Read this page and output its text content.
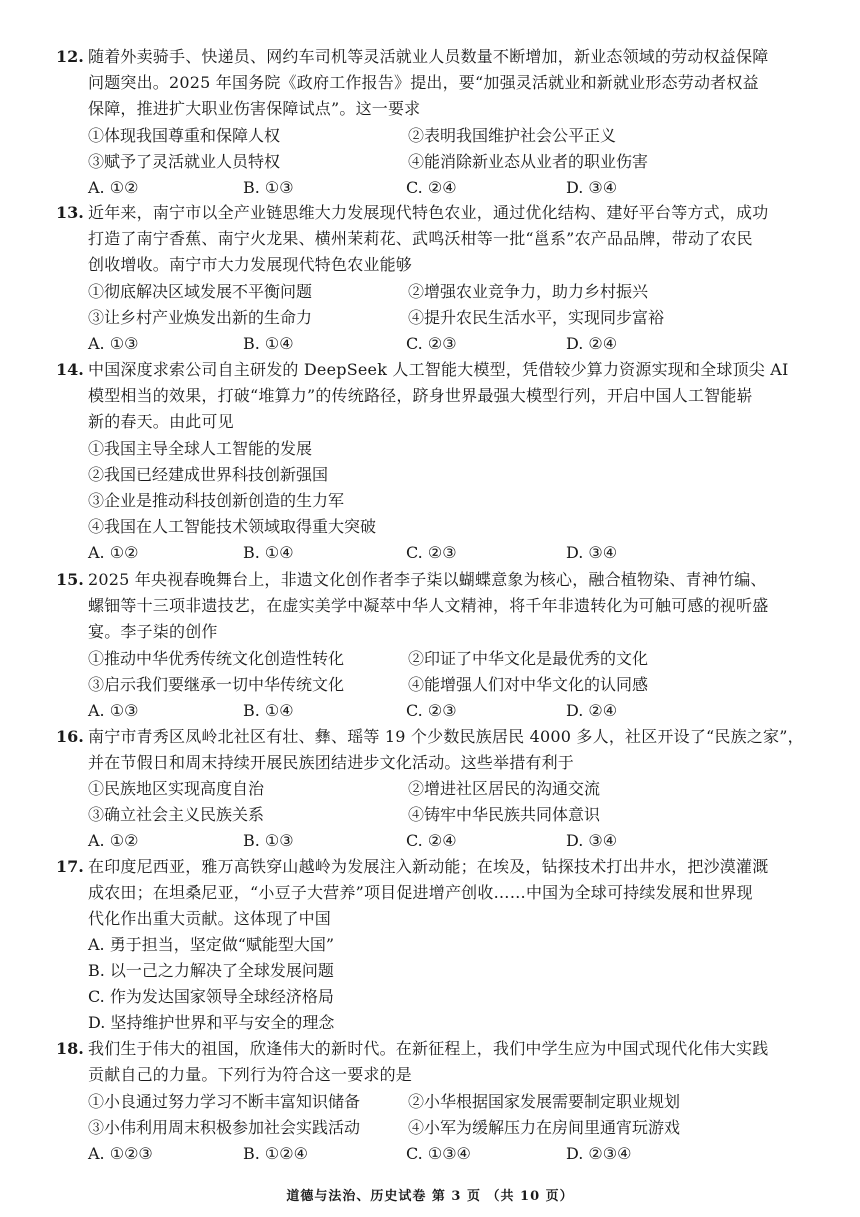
12. 随着外卖骑手、快递员、网约车司机等灵活就业人员数量不断增加，新业态领域的劳动权益保障
问题突出。2025 年国务院《政府工作报告》提出，要“加强灵活就业和新就业形态劳动者权益
保障，推进扩大职业伤害保障试点”。这一要求
①体现我国尊重和保障人权	②表明我国维护社会公平正义
③赋予了灵活就业人员特权	④能消除新业态从业者的职业伤害
A. ①②	B. ①③	C. ②④	D. ③④
13. 近年来，南宁市以全产业链思维大力发展现代特色农业，通过优化结构、建好平台等方式，成功
打造了南宁香蕉、南宁火龙果、横州茉莉花、武鸣沃柑等一批“邕系”农产品品牌，带动了农民
创收增收。南宁市大力发展现代特色农业能够
①彻底解决区域发展不平衡问题	②增强农业竞争力，助力乡村振兴
③让乡村产业焕发出新的生命力	④提升农民生活水平，实现同步富裕
A. ①③	B. ①④	C. ②③	D. ②④
14. 中国深度求索公司自主研发的 DeepSeek 人工智能大模型，凭借较少算力资源实现和全球顶尖 AI
模型相当的效果，打破“堆算力”的传统路径，跻身世界最强大模型行列，开启中国人工智能崭
新的春天。由此可见
①我国主导全球人工智能的发展
②我国已经建成世界科技创新强国
③企业是推动科技创新创造的生力军
④我国在人工智能技术领域取得重大突破
A. ①②	B. ①④	C. ②③	D. ③④
15. 2025 年央视春晚舞台上，非遗文化创作者李子柒以蝴蝶意象为核心，融合植物染、青神竹编、
螺钿等十三项非遗技艺，在虚实美学中凝萃中华人文精神，将千年非遗转化为可触可感的视听盛
宴。李子柒的创作
①推动中华优秀传统文化创造性转化	②印证了中华文化是最优秀的文化
③启示我们要继承一切中华传统文化	④能增强人们对中华文化的认同感
A. ①③	B. ①④	C. ②③	D. ②④
16. 南宁市青秀区凤岭北社区有壮、彝、瑶等 19 个少数民族居民 4000 多人，社区开设了“民族之家”，
并在节假日和周末持续开展民族团结进步文化活动。这些举措有利于
①民族地区实现高度自治	②增进社区居民的沟通交流
③确立社会主义民族关系	④铸牢中华民族共同体意识
A. ①②	B. ①③	C. ②④	D. ③④
17. 在印度尼西亚，雅万高铁穿山越岭为发展注入新动能；在埃及，钻探技术打出井水，把沙漠灌溉
成农田；在坦桑尼亚，“小豆子大营养”项目促进增产创收……中国为全球可持续发展和世界现
代化作出重大贡献。这体现了中国
A. 勇于担当，坚定做“赋能型大国”
B. 以一己之力解决了全球发展问题
C. 作为发达国家领导全球经济格局
D. 坚持维护世界和平与安全的理念
18. 我们生于伟大的祖国，欣逢伟大的新时代。在新征程上，我们中学生应为中国式现代化伟大实践
贡献自己的力量。下列行为符合这一要求的是
①小良通过努力学习不断丰富知识储备	②小华根据国家发展需要制定职业规划
③小伟利用周末积极参加社会实践活动	④小军为缓解压力在房间里通宵玩游戏
A. ①②③	B. ①②④	C. ①③④	D. ②③④
道德与法治、历史试卷 第 3 页 （共 10 页）
